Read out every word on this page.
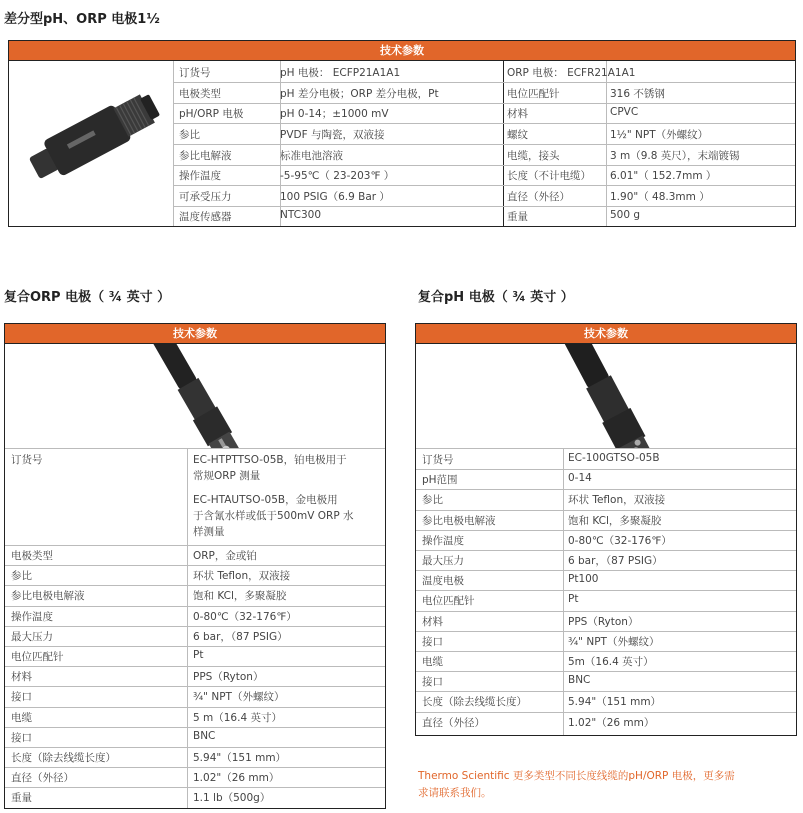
差分型pH、ORP 电极1½
技术参数
订货号	pH 电极： ECFP21A1A1	ORP 电极： ECFR21A1A1
电极类型	pH 差分电极；ORP 差分电极，Pt	电位匹配针	316 不锈钢
pH/ORP 电极	pH 0-14；±1000 mV	材料	CPVC
参比	PVDF 与陶瓷，双液接	螺纹	1½" NPT（外螺纹）
参比电解液	标准电池溶液	电缆，接头	3 m（9.8 英尺），末端镀锡
操作温度	-5-95℃（ 23-203℉ ）	长度（不计电缆） 6.01"（ 152.7mm ）
可承受压力	100 PSIG（6.9 Bar ）	直径（外径）	1.90"（ 48.3mm ）
温度传感器	NTC300	重量	500 g
复合ORP 电极（ ¾ 英寸 ）
技术参数
订货号	EC-HTPTTSO-05B，铂电极用于
常规ORP 测量
EC-HTAUTSO-05B，金电极用
于含氰水样或低于500mV ORP 水
样测量
电极类型	ORP，金或铂
参比	环状 Teflon，双液接
参比电极电解液	饱和 KCl，多聚凝胶
操作温度	0-80℃（32-176℉）
最大压力	6 bar，（87 PSIG）
电位匹配针	Pt
材料	PPS（Ryton）
接口	¾" NPT（外螺纹）
电缆	5 m（16.4 英寸）
接口	BNC
长度（除去线缆长度）	5.94"（151 mm）
直径（外径）	1.02"（26 mm）
重量	1.1 lb（500g）
复合pH 电极（ ¾ 英寸 ）
技术参数
订货号	EC-100GTSO-05B
pH范围	0-14
参比	环状 Teflon，双液接
参比电极电解液	饱和 KCl，多聚凝胶
操作温度	0-80℃（32-176℉）
最大压力	6 bar，（87 PSIG）
温度电极	Pt100
电位匹配针	Pt
材料	PPS（Ryton）
接口	¾" NPT（外螺纹）
电缆	5m（16.4 英寸）
接口	BNC
长度（除去线缆长度）	5.94"（151 mm）
直径（外径）	1.02"（26 mm）
Thermo Scientific 更多类型不同长度线缆的pH/ORP 电极，更多需
求请联系我们。
